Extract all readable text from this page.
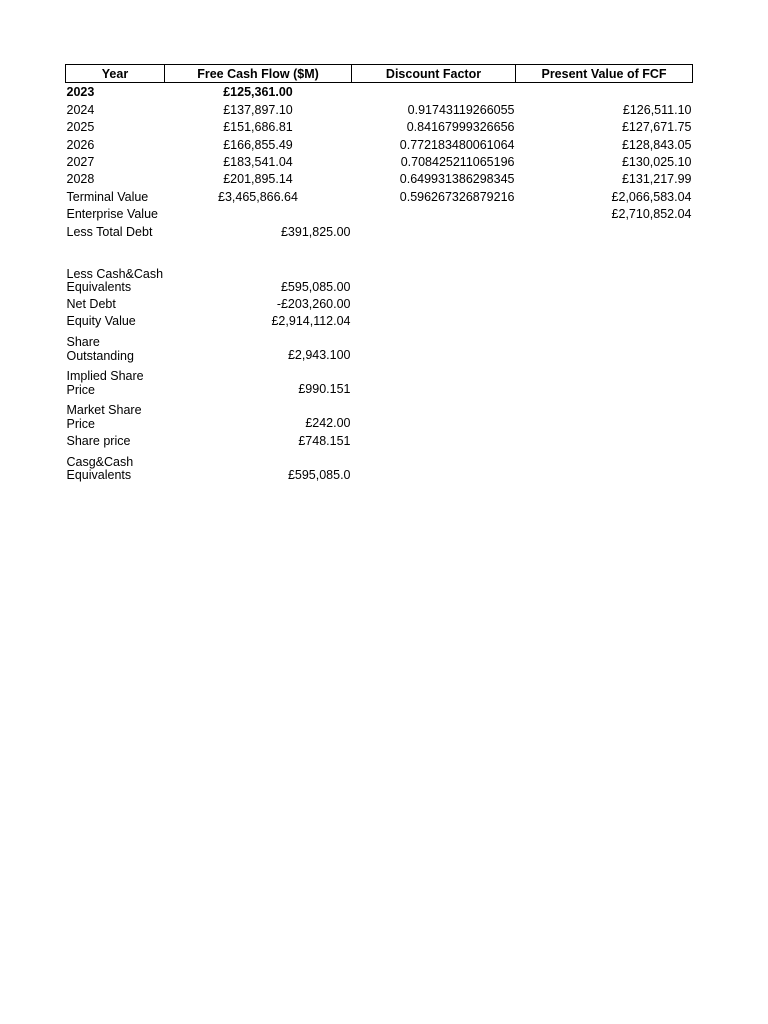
Year	Free Cash Flow ($M)	Discount Factor	Present Value of FCF
2023	£125,361.00		
2024	£137,897.10	0.91743119266055	£126,511.10
2025	£151,686.81	0.84167999326656	£127,671.75
2026	£166,855.49	0.772183480061064	£128,843.05
2027	£183,541.04	0.708425211065196	£130,025.10
2028	£201,895.14	0.649931386298345	£131,217.99
Terminal Value	£3,465,866.64	0.596267326879216	£2,066,583.04
Enterprise Value			£2,710,852.04
Less Total Debt	£391,825.00		

Less Cash&Cash Equivalents	£595,085.00		
Net Debt	-£203,260.00		
Equity Value	£2,914,112.04		
Share Outstanding	£2,943.100		
Implied Share Price	£990.151		
Market Share Price	£242.00		
Share price	£748.151		
Casg&Cash Equivalents	£595,085.0		
